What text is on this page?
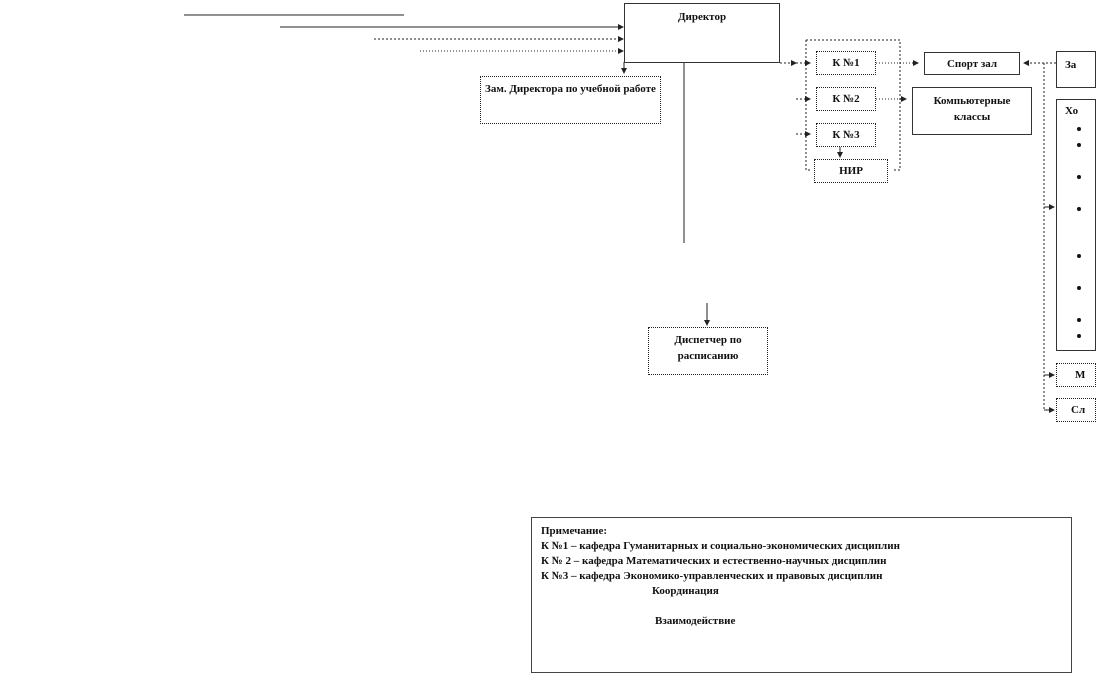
Директор
Зам. Директора по учебной работе
К №1
К №2
К №3
НИР
Спорт зал
Компьютерные классы
Диспетчер по расписанию
За
Хо
М
Сл
Примечание:
К №1 – кафедра Гуманитарных и социально-экономических дисциплин
К № 2 – кафедра Математических и естественно-научных дисциплин
К №3 – кафедра Экономико-управленческих и правовых дисциплин
Координация
Взаимодействие
